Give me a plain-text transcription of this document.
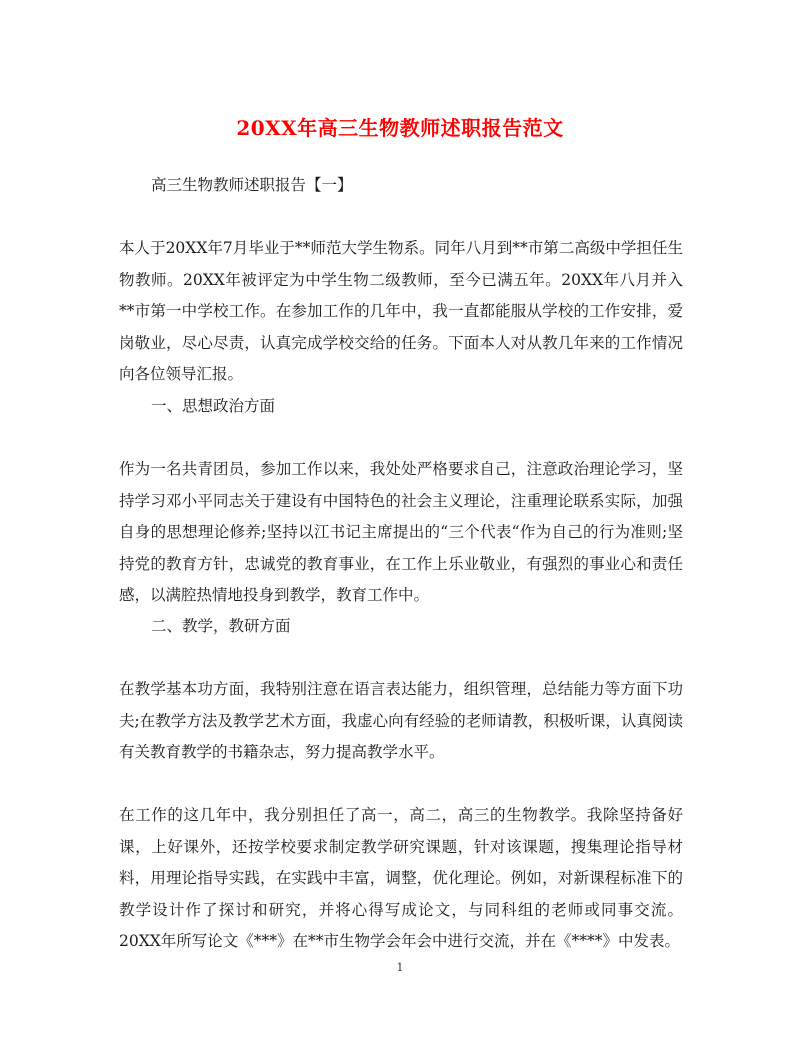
20XX年高三生物教师述职报告范文
高三生物教师述职报告【一】
本人于20XX年7月毕业于**师范大学生物系。同年八月到**市第二高级中学担任生物教师。20XX年被评定为中学生物二级教师，至今已满五年。20XX年八月并入**市第一中学校工作。在参加工作的几年中，我一直都能服从学校的工作安排，爱岗敬业，尽心尽责，认真完成学校交给的任务。下面本人对从教几年来的工作情况向各位领导汇报。
一、思想政治方面
作为一名共青团员，参加工作以来，我处处严格要求自己，注意政治理论学习，坚持学习邓小平同志关于建设有中国特色的社会主义理论，注重理论联系实际，加强自身的思想理论修养;坚持以江书记主席提出的“三个代表“作为自己的行为准则;坚持党的教育方针，忠诚党的教育事业，在工作上乐业敬业，有强烈的事业心和责任感，以满腔热情地投身到教学，教育工作中。
二、教学，教研方面
在教学基本功方面，我特别注意在语言表达能力，组织管理，总结能力等方面下功夫;在教学方法及教学艺术方面，我虚心向有经验的老师请教，积极听课，认真阅读有关教育教学的书籍杂志，努力提高教学水平。
在工作的这几年中，我分别担任了高一，高二，高三的生物教学。我除坚持备好课，上好课外，还按学校要求制定教学研究课题，针对该课题，搜集理论指导材料，用理论指导实践，在实践中丰富，调整，优化理论。例如，对新课程标准下的教学设计作了探讨和研究，并将心得写成论文，与同科组的老师或同事交流。20XX年所写论文《***》在**市生物学会年会中进行交流，并在《****》中发表。
1
